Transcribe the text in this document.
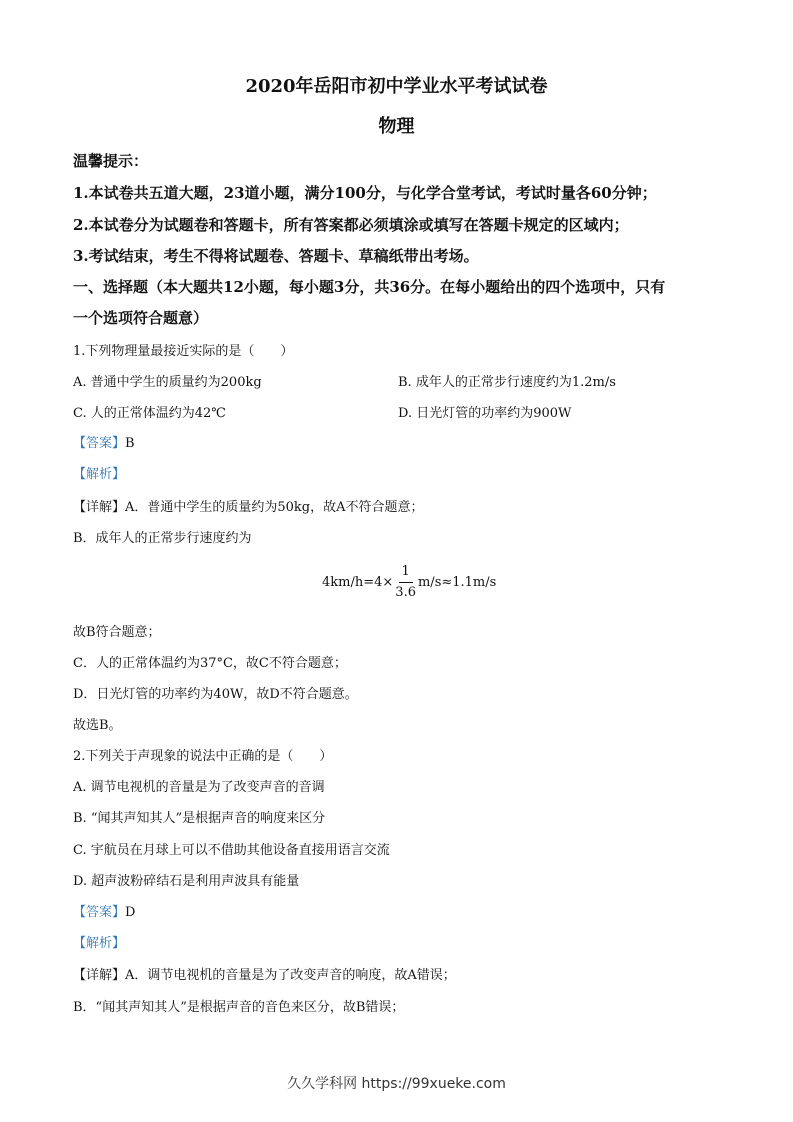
2020年岳阳市初中学业水平考试试卷
物理
温馨提示：
1.本试卷共五道大题，23道小题，满分100分，与化学合堂考试，考试时量各60分钟；
2.本试卷分为试题卷和答题卡，所有答案都必须填涂或填写在答题卡规定的区域内；
3.考试结束，考生不得将试题卷、答题卡、草稿纸带出考场。
一、选择题（本大题共12小题，每小题3分，共36分。在每小题给出的四个选项中，只有
一个选项符合题意）
1.下列物理量最接近实际的是（　　）
A. 普通中学生的质量约为200kg	B. 成年人的正常步行速度约为1.2m/s
C. 人的正常体温约为42℃	D. 日光灯管的功率约为900W
【答案】B
【解析】
【详解】A．普通中学生的质量约为50kg，故A不符合题意；
B．成年人的正常步行速度约为
$4km/h=4\times \frac{1}{3.6} m/s\approx 1.1m/s$
故B符合题意；
C．人的正常体温约为37°C，故C不符合题意；
D．日光灯管的功率约为40W，故D不符合题意。
故选B。
2.下列关于声现象的说法中正确的是（　　）
A. 调节电视机的音量是为了改变声音的音调
B. “闻其声知其人”是根据声音的响度来区分
C. 宇航员在月球上可以不借助其他设备直接用语言交流
D. 超声波粉碎结石是利用声波具有能量
【答案】D
【解析】
【详解】A．调节电视机的音量是为了改变声音的响度，故A错误；
B．“闻其声知其人”是根据声音的音色来区分，故B错误；
久久学科网 https://99xueke.com
